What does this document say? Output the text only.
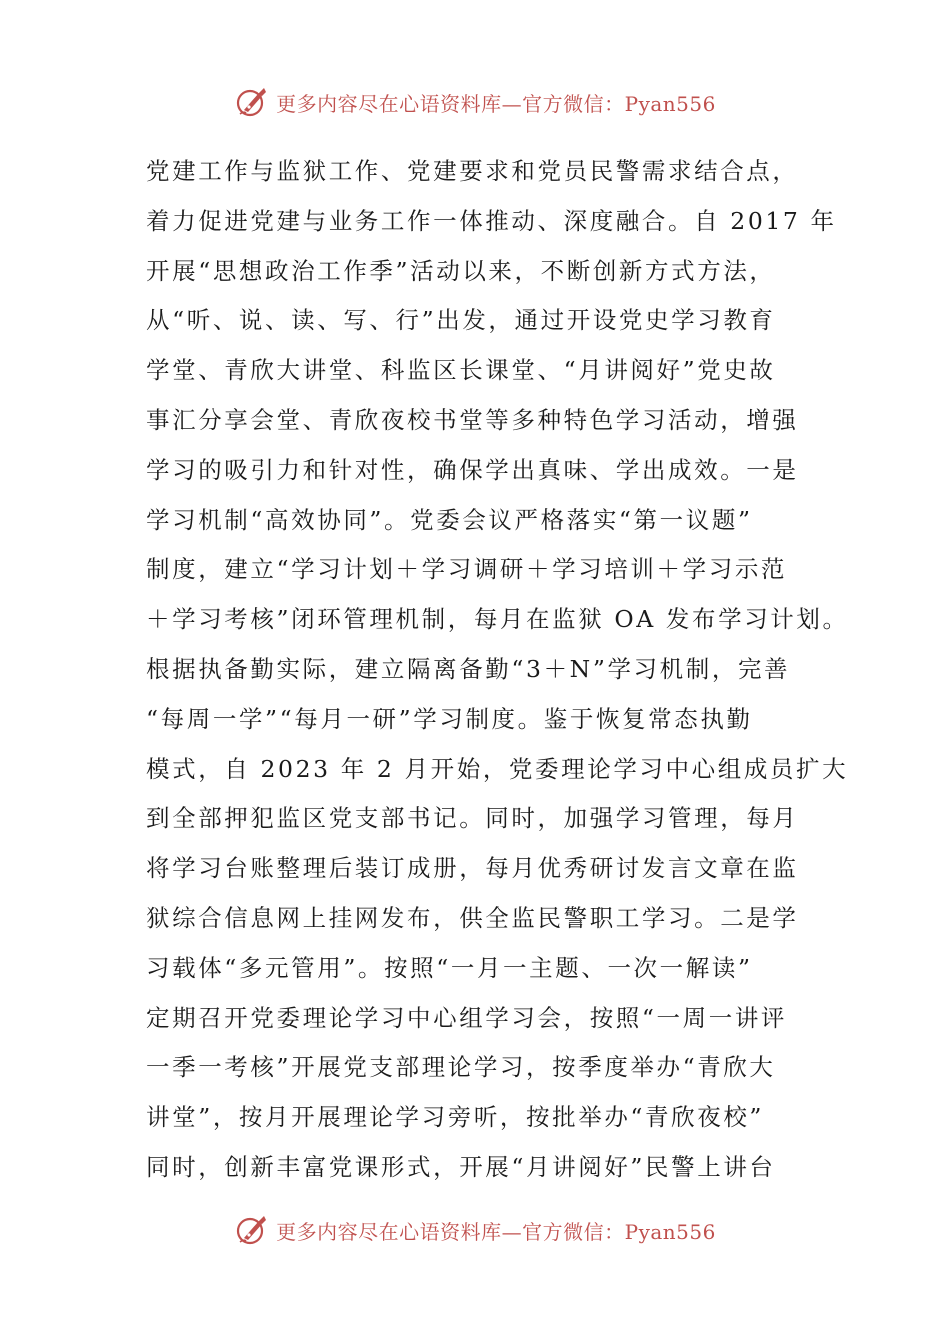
更多内容尽在心语资料库—官方微信：Pyan556
党建工作与监狱工作、党建要求和党员民警需求结合点，
着力促进党建与业务工作一体推动、深度融合。自 2017 年
开展“思想政治工作季”活动以来，不断创新方式方法，
从“听、说、读、写、行”出发，通过开设党史学习教育
学堂、青欣大讲堂、科监区长课堂、“月讲阅好”党史故
事汇分享会堂、青欣夜校书堂等多种特色学习活动，增强
学习的吸引力和针对性，确保学出真味、学出成效。一是
学习机制“高效协同”。党委会议严格落实“第一议题”
制度，建立“学习计划＋学习调研＋学习培训＋学习示范
＋学习考核”闭环管理机制，每月在监狱 OA 发布学习计划。
根据执备勤实际，建立隔离备勤“3＋N”学习机制，完善
“每周一学”“每月一研”学习制度。鉴于恢复常态执勤
模式，自 2023 年 2 月开始，党委理论学习中心组成员扩大
到全部押犯监区党支部书记。同时，加强学习管理，每月
将学习台账整理后装订成册，每月优秀研讨发言文章在监
狱综合信息网上挂网发布，供全监民警职工学习。二是学
习载体“多元管用”。按照“一月一主题、一次一解读”
定期召开党委理论学习中心组学习会，按照“一周一讲评
一季一考核”开展党支部理论学习，按季度举办“青欣大
讲堂”，按月开展理论学习旁听，按批举办“青欣夜校”
同时，创新丰富党课形式，开展“月讲阅好”民警上讲台
更多内容尽在心语资料库—官方微信：Pyan556
